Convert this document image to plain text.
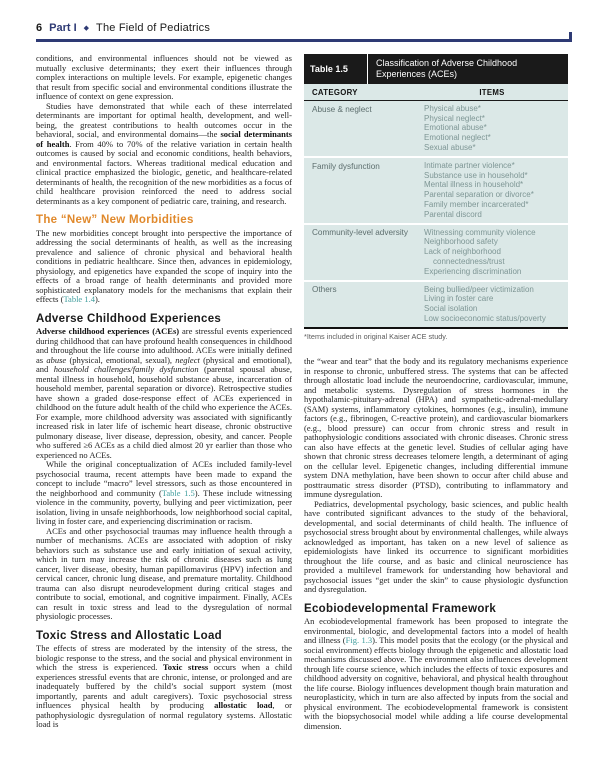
6 Part I ◆ The Field of Pediatrics

conditions, and environmental influences should not be viewed as mutually exclusive determinants; they exert their influences through complex interactions on multiple levels. For example, epigenetic changes that result from specific social and environmental conditions illustrate the influence of context on gene expression.

Studies have demonstrated that while each of these interrelated determinants are important for optimal health, development, and well-being, the greatest contributions to health outcomes occur in the behavioral, social, and environmental domains—the social determinants of health. From 40% to 70% of the relative variation in certain health outcomes is caused by social and economic conditions, health behaviors, and environmental factors. Whereas traditional medical education and clinical practice emphasized the biologic, genetic, and healthcare-related determinants of health, the recognition of the new morbidities as a focus of child healthcare provision reinforced the need to address social determinants as a key component of pediatric care, training, and research.

The “New” New Morbidities

The new morbidities concept brought into perspective the importance of addressing the social determinants of health, as well as the increasing prevalence and salience of chronic physical and behavioral health conditions in pediatric healthcare. Since then, advances in epidemiology, physiology, and epigenetics have expanded the scope of inquiry into the effects of a broad range of health determinants and provided more sophisticated explanatory models for the mechanisms that explain their effects (Table 1.4).

Adverse Childhood Experiences

Adverse childhood experiences (ACEs) are stressful events experienced during childhood that can have profound health consequences in childhood and throughout the life course into adulthood. ACEs were initially defined as abuse (physical, emotional, sexual), neglect (physical and emotional), and household challenges/family dysfunction (parental spousal abuse, mental illness in household, household substance abuse, incarceration of household member, parental separation or divorce). Retrospective studies have shown a graded dose-response effect of ACEs experienced in childhood on the future adult health of the child who experience the ACEs. For example, more childhood adversity was associated with significantly increased risk in later life of ischemic heart disease, chronic obstructive pulmonary disease, liver disease, depression, obesity, and cancer. People who suffered ≥6 ACEs as a child died almost 20 yr earlier than those who experienced no ACEs.

While the original conceptualization of ACEs included family-level psychosocial trauma, recent attempts have been made to expand the concept to include “macro” level stressors, such as those encountered in the neighborhood and community (Table 1.5). These include witnessing violence in the community, poverty, bullying and peer victimization, peer isolation, living in unsafe neighborhoods, low neighborhood social capital, living in foster care, and experiencing discrimination or racism.

ACEs and other psychosocial traumas may influence health through a number of mechanisms. ACEs are associated with adoption of risky behaviors such as substance use and early initiation of sexual activity, which in turn may increase the risk of chronic diseases such as lung cancer, liver disease, obesity, human papillomavirus (HPV) infection and cervical cancer, chronic lung disease, and premature mortality. Childhood trauma can also disrupt neurodevelopment during critical stages and contribute to social, emotional, and cognitive impairment. Finally, ACEs can result in toxic stress and lead to the dysregulation of normal physiologic processes.

Toxic Stress and Allostatic Load

The effects of stress are moderated by the intensity of the stress, the biologic response to the stress, and the social and physical environment in which the stress is experienced. Toxic stress occurs when a child experiences stressful events that are chronic, intense, or prolonged and are inadequately buffered by the child’s social support system (most importantly, parents and adult caregivers). Toxic psychosocial stress influences physical health by producing allostatic load, or pathophysiologic dysregulation of normal regulatory systems. Allostatic load is

Table 1.5
Classification of Adverse Childhood Experiences (ACEs)
CATEGORY	ITEMS
Abuse & neglect	Physical abuse*
Physical neglect*
Emotional abuse*
Emotional neglect*
Sexual abuse*
Family dysfunction	Intimate partner violence*
Substance use in household*
Mental illness in household*
Parental separation or divorce*
Family member incarcerated*
Parental discord
Community-level adversity	Witnessing community violence
Neighborhood safety
Lack of neighborhood connectedness/trust
Experiencing discrimination
Others	Being bullied/peer victimization
Living in foster care
Social isolation
Low socioeconomic status/poverty
*Items included in original Kaiser ACE study.

the “wear and tear” that the body and its regulatory mechanisms experience in response to chronic, unbuffered stress. The systems that can be affected through allostatic load include the neuroendocrine, cardiovascular, immune, and metabolic systems. Dysregulation of stress hormones in the hypothalamic-pituitary-adrenal (HPA) and sympathetic-adrenal-medullary (SAM) systems, inflammatory cytokines, hormones (e.g., insulin), immune factors (e.g., fibrinogen, C-reactive protein), and cardiovascular biomarkers (e.g., blood pressure) can occur from chronic stress and result in pathophysiologic conditions associated with chronic diseases. Chronic stress can also have effects at the genetic level. Studies of cellular aging have shown that chronic stress decreases telomere length, a determinant of aging on the cellular level. Epigenetic changes, including differential immune system DNA methylation, have been shown to occur after child abuse and posttraumatic stress disorder (PTSD), contributing to inflammatory and immune dysregulation.

Pediatrics, developmental psychology, basic sciences, and public health have contributed significant advances to the study of the behavioral, developmental, and social determinants of child health. The influence of psychosocial stress brought about by environmental challenges, while always acknowledged as important, has taken on a new level of salience as epidemiologists have linked its occurrence to significant morbidities throughout the life course, and as basic and clinical neuroscience has provided a multilevel framework for understanding how behavioral and psychosocial issues “get under the skin” to cause physiologic dysfunction and dysregulation.

Ecobiodevelopmental Framework

An ecobiodevelopmental framework has been proposed to integrate the environmental, biologic, and developmental factors into a model of health and illness (Fig. 1.3). This model posits that the ecology (or the physical and social environment) effects biology through the epigenetic and allostatic load mechanisms discussed above. The environment also influences development through life course science, which includes the effects of toxic exposures and childhood adversity on cognitive, behavioral, and physical health throughout the life course. Biology influences development though brain maturation and neuroplasticity, which in turn are also affected by inputs from the social and physical environment. The ecobiodevelopmental framework is consistent with the biopsychosocial model while adding a life course developmental dimension.
